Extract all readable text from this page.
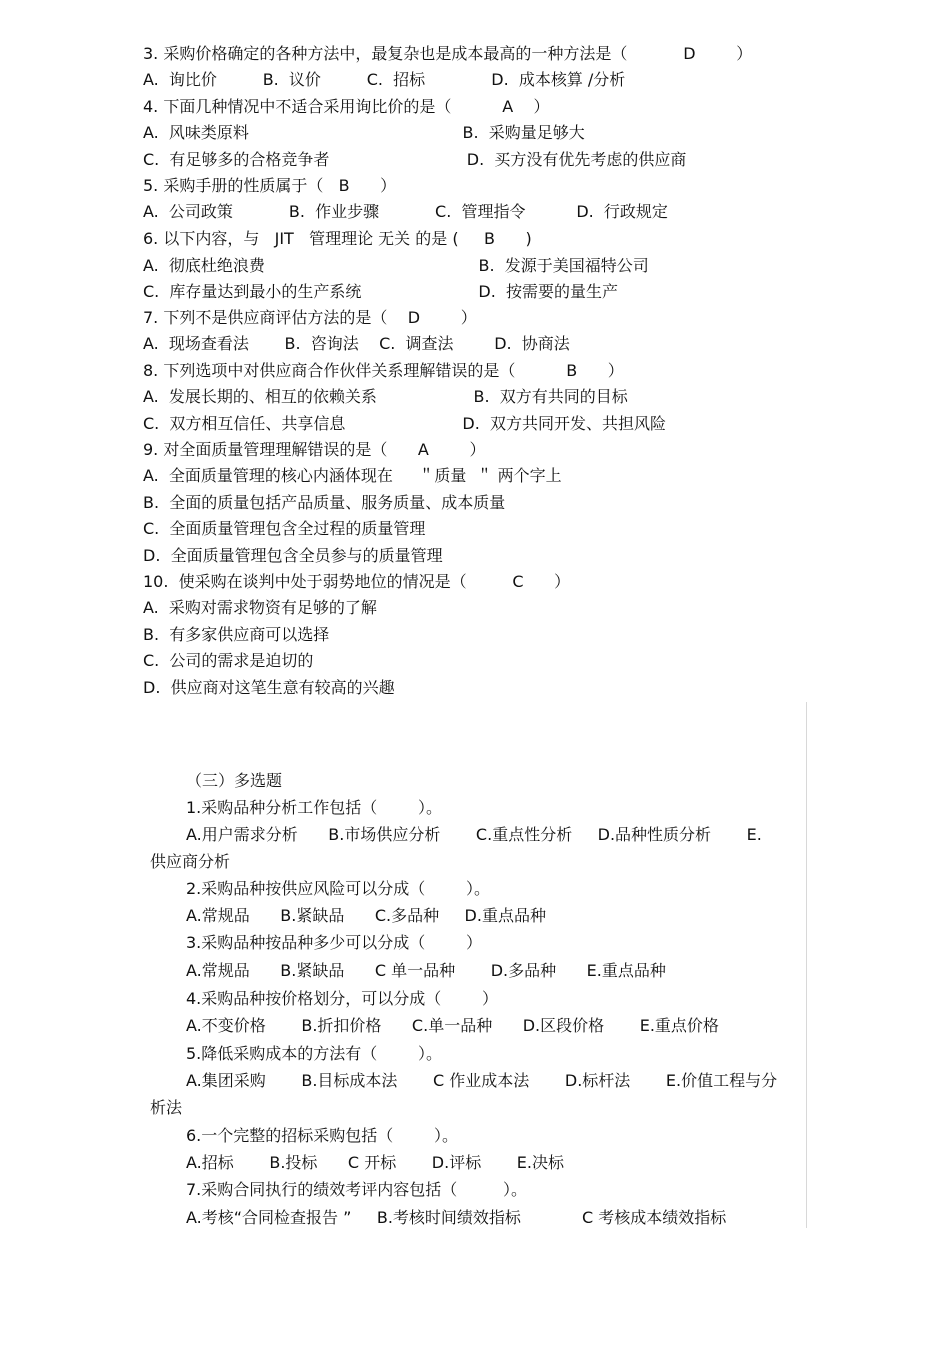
3. 采购价格确定的各种方法中，最复杂也是成本最高的一种方法是（           D        ）
A.  询比价         B.  议价         C.  招标             D.  成本核算 /分析
4. 下面几种情况中不适合采用询比价的是（          A    ）
A.  风味类原料                                          B.  采购量足够大
C.  有足够多的合格竞争者                           D.  买方没有优先考虑的供应商
5. 采购手册的性质属于（   B      ）
A.  公司政策           B.  作业步骤           C.  管理指令          D.  行政规定
6. 以下内容，与   JIT   管理理论 无关 的是 (     B      )
A.  彻底杜绝浪费                                          B.  发源于美国福特公司
C.  库存量达到最小的生产系统                       D.  按需要的量生产
7. 下列不是供应商评估方法的是（    D        ）
A.  现场查看法       B.  咨询法    C.  调查法        D.  协商法
8. 下列选项中对供应商合作伙伴关系理解错误的是（          B      ）
A.  发展长期的、相互的依赖关系                   B.  双方有共同的目标
C.  双方相互信任、共享信息                       D.  双方共同开发、共担风险
9. 对全面质量管理理解错误的是（      A        ）
A.  全面质量管理的核心内涵体现在     ＂质量  ＂ 两个字上
B.  全面的质量包括产品质量、服务质量、成本质量
C.  全面质量管理包含全过程的质量管理
D.  全面质量管理包含全员参与的质量管理
10.  使采购在谈判中处于弱势地位的情况是（         C      ）
A.  采购对需求物资有足够的了解
B.  有多家供应商可以选择
C.  公司的需求是迫切的
D.  供应商对这笔生意有较高的兴趣
（三）多选题
1.采购品种分析工作包括（        ）。
A.用户需求分析      B.市场供应分析       C.重点性分析     D.品种性质分析       E.
供应商分析
2.采购品种按供应风险可以分成（        ）。
A.常规品      B.紧缺品      C.多品种     D.重点品种
3.采购品种按品种多少可以分成（        ）
A.常规品      B.紧缺品      C 单一品种       D.多品种      E.重点品种
4.采购品种按价格划分，可以分成（        ）
A.不变价格       B.折扣价格      C.单一品种      D.区段价格       E.重点价格
5.降低采购成本的方法有（        ）。
A.集团采购       B.目标成本法       C 作业成本法       D.标杆法       E.价值工程与分
析法
6.一个完整的招标采购包括（        ）。
A.招标       B.投标      C 开标       D.评标       E.决标
7.采购合同执行的绩效考评内容包括（         ）。
A.考核“合同检查报告 ”     B.考核时间绩效指标            C 考核成本绩效指标
